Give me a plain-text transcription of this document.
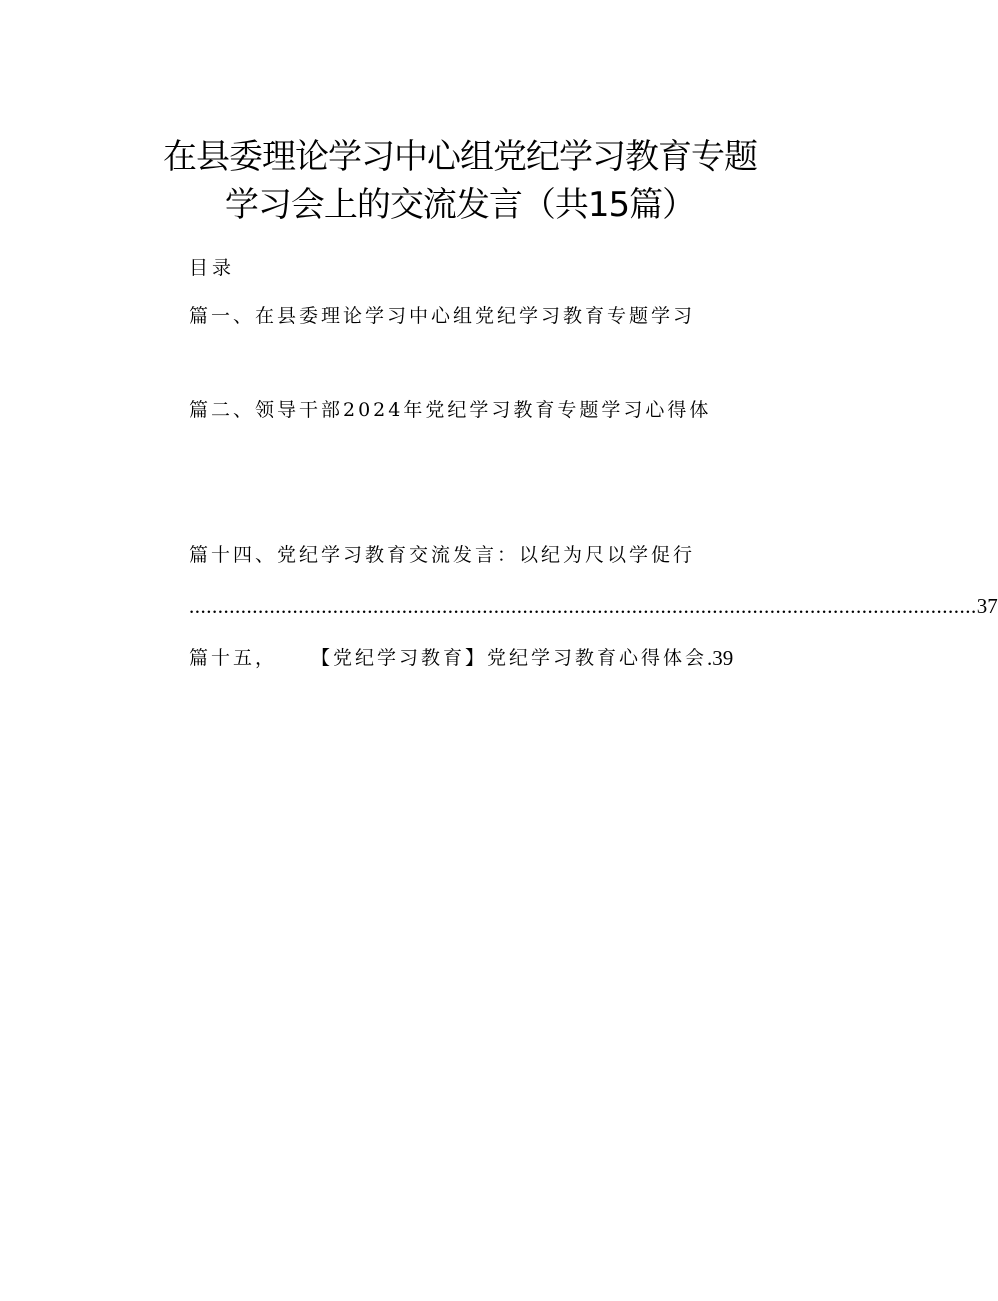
在县委理论学习中心组党纪学习教育专题
学习会上的交流发言（共15篇）
目录
篇一、在县委理论学习中心组党纪学习教育专题学习
篇二、领导干部2024年党纪学习教育专题学习心得体
篇十四、党纪学习教育交流发言：以纪为尺以学促行
......................................................................................................................................... 37
篇十五，	【党纪学习教育】党纪学习教育心得体会 .39
